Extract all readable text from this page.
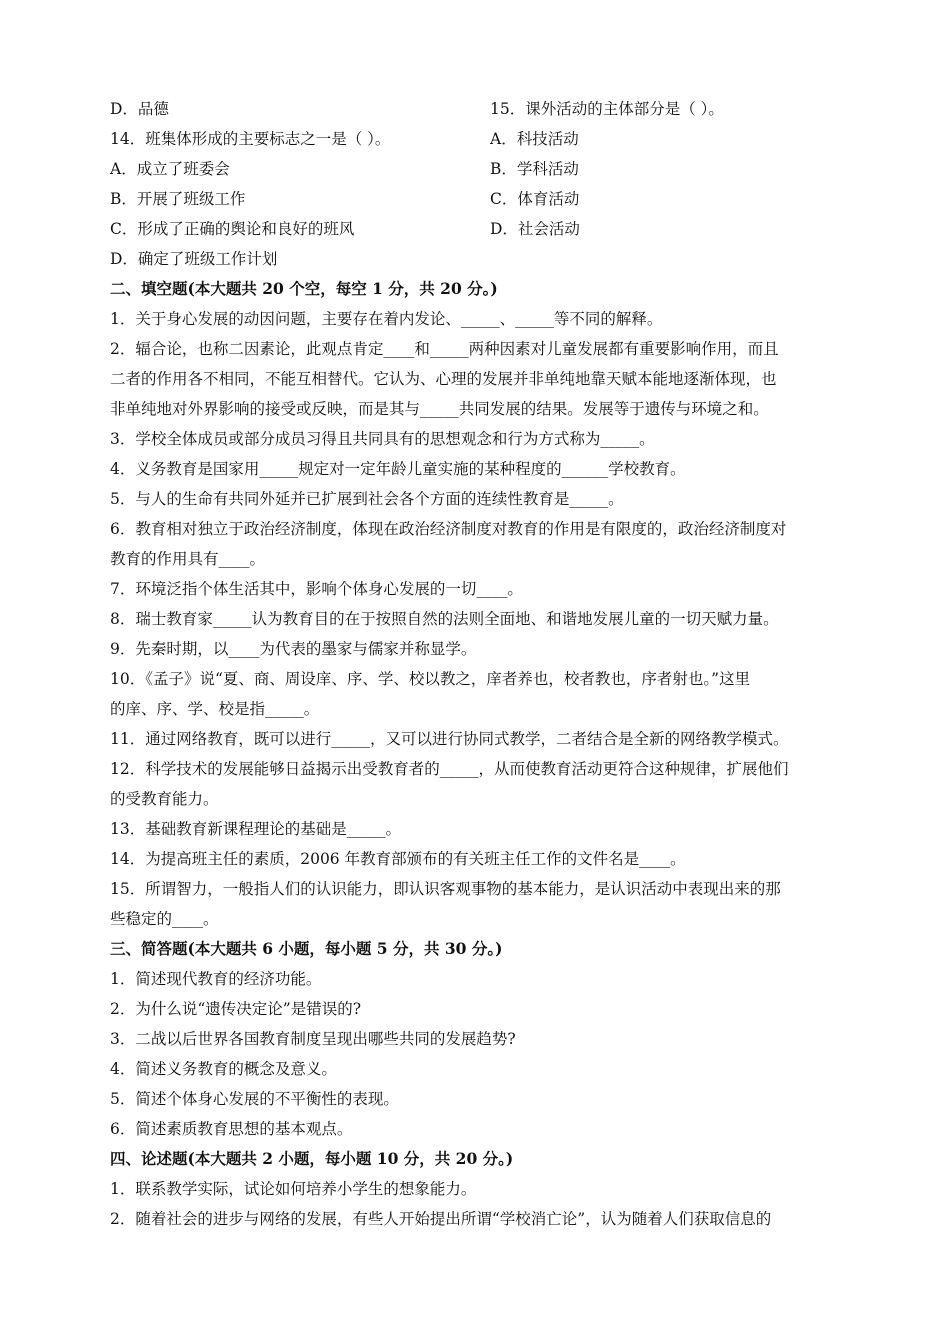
D．品德
14．班集体形成的主要标志之一是（ ）。
A．成立了班委会
B．开展了班级工作
C．形成了正确的舆论和良好的班风
D．确定了班级工作计划
15．课外活动的主体部分是（ ）。
A．科技活动
B．学科活动
C．体育活动
D．社会活动
二、填空题(本大题共 20 个空，每空 1 分，共 20 分。)
1．关于身心发展的动因问题，主要存在着内发论、_____、_____等不同的解释。
2．辐合论，也称二因素论，此观点肯定____和_____两种因素对儿童发展都有重要影响作用，而且
二者的作用各不相同，不能互相替代。它认为、心理的发展并非单纯地靠天赋本能地逐渐体现，也
非单纯地对外界影响的接受或反映，而是其与_____共同发展的结果。发展等于遗传与环境之和。
3．学校全体成员或部分成员习得且共同具有的思想观念和行为方式称为_____。
4．义务教育是国家用_____规定对一定年龄儿童实施的某种程度的______学校教育。
5．与人的生命有共同外延并已扩展到社会各个方面的连续性教育是_____。
6．教育相对独立于政治经济制度，体现在政治经济制度对教育的作用是有限度的，政治经济制度对
教育的作用具有____。
7．环境泛指个体生活其中，影响个体身心发展的一切____。
8．瑞士教育家_____认为教育目的在于按照自然的法则全面地、和谐地发展儿童的一切天赋力量。
9．先秦时期，以____为代表的墨家与儒家并称显学。
10．《孟子》说“夏、商、周设庠、序、学、校以教之，庠者养也，校者教也，序者射也。”这里
的庠、序、学、校是指_____。
11．通过网络教育，既可以进行_____，又可以进行协同式教学，二者结合是全新的网络教学模式。
12．科学技术的发展能够日益揭示出受教育者的_____，从而使教育活动更符合这种规律，扩展他们
的受教育能力。
13．基础教育新课程理论的基础是_____。
14．为提高班主任的素质，2006 年教育部颁布的有关班主任工作的文件名是____。
15．所谓智力，一般指人们的认识能力，即认识客观事物的基本能力，是认识活动中表现出来的那
些稳定的____。
三、简答题(本大题共 6 小题，每小题 5 分，共 30 分。)
1．简述现代教育的经济功能。
2．为什么说“遗传决定论”是错误的?
3．二战以后世界各国教育制度呈现出哪些共同的发展趋势?
4．简述义务教育的概念及意义。
5．简述个体身心发展的不平衡性的表现。
6．简述素质教育思想的基本观点。
四、论述题(本大题共 2 小题，每小题 10 分，共 20 分。)
1．联系教学实际，试论如何培养小学生的想象能力。
2．随着社会的进步与网络的发展，有些人开始提出所谓“学校消亡论”，认为随着人们获取信息的
